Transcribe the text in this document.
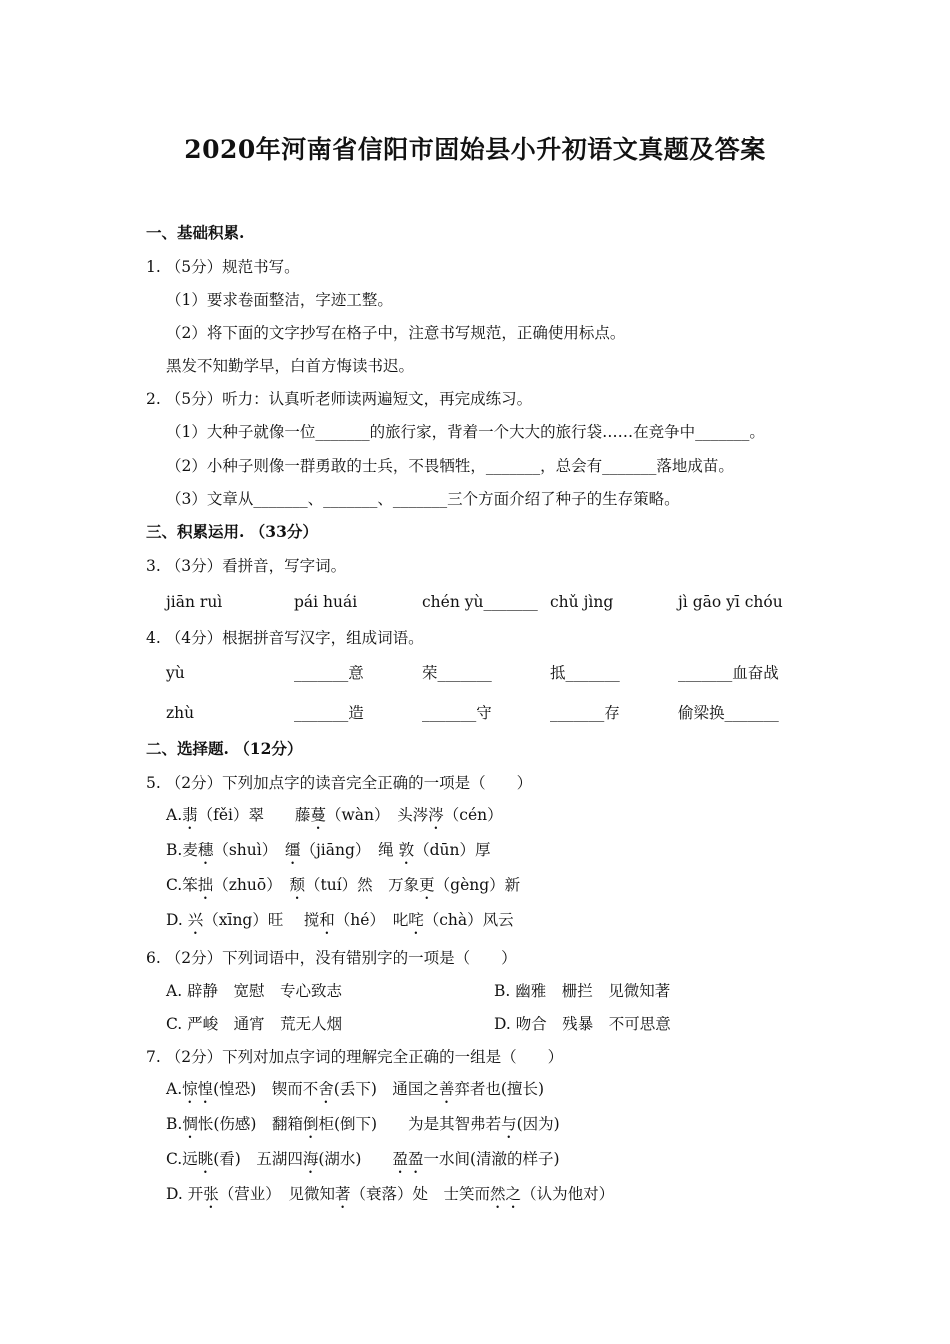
2020年河南省信阳市固始县小升初语文真题及答案
一、基础积累.
1. （5分）规范书写。
（1）要求卷面整洁，字迹工整。
（2）将下面的文字抄写在格子中，注意书写规范，正确使用标点。
黑发不知勤学早，白首方悔读书迟。
2. （5分）听力：认真听老师读两遍短文，再完成练习。
（1）大种子就像一位_______的旅行家，背着一个大大的旅行袋……在竞争中_______。
（2）小种子则像一群勇敢的士兵，不畏牺牲，_______，总会有_______落地成苗。
（3）文章从_______、_______、_______三个方面介绍了种子的生存策略。
三、积累运用. （33分）
3. （3分）看拼音，写字词。
jiān ruì	pái huái	chén yù_______ chǔ jìng	jì gāo yī chóu
4. （4分）根据拼音写汉字，组成词语。
yù	_______意	荣_______	抵_______	_______血奋战
zhù	_______造	_______守	_______存	偷梁换_______
二、选择题. （12分）
5. （2分）下列加点字的读音完全正确的一项是（　　）
A.翡（fěi）翠　　藤蔓（wàn）　头涔涔（cén）
B.麦穗（shuì）　缰（jiāng）　绳 敦（dūn）厚
C.笨拙（zhuō）　颓（tuí）然　万象更（gèng）新
D. 兴（xīng）旺　 搅和（hé）　叱咤（chà）风云
6. （2分）下列词语中，没有错别字的一项是（　　）
A. 辟静　宽慰　专心致志	B. 幽雅　栅拦　见微知著
C. 严峻　通宵　荒无人烟	D. 吻合　残暴　不可思意
7. （2分）下列对加点字词的理解完全正确的一组是（　　）
A.惊惶(惶恐)　锲而不舍(丢下)　通国之善弈者也(擅长)
B.惆怅(伤感)　翻箱倒柜(倒下)　　为是其智弗若与(因为)
C.远眺(看)　五湖四海(湖水)　　盈盈一水间(清澈的样子)
D. 开张（营业）　见微知著（衰落）处　士笑而然之（认为他对）
